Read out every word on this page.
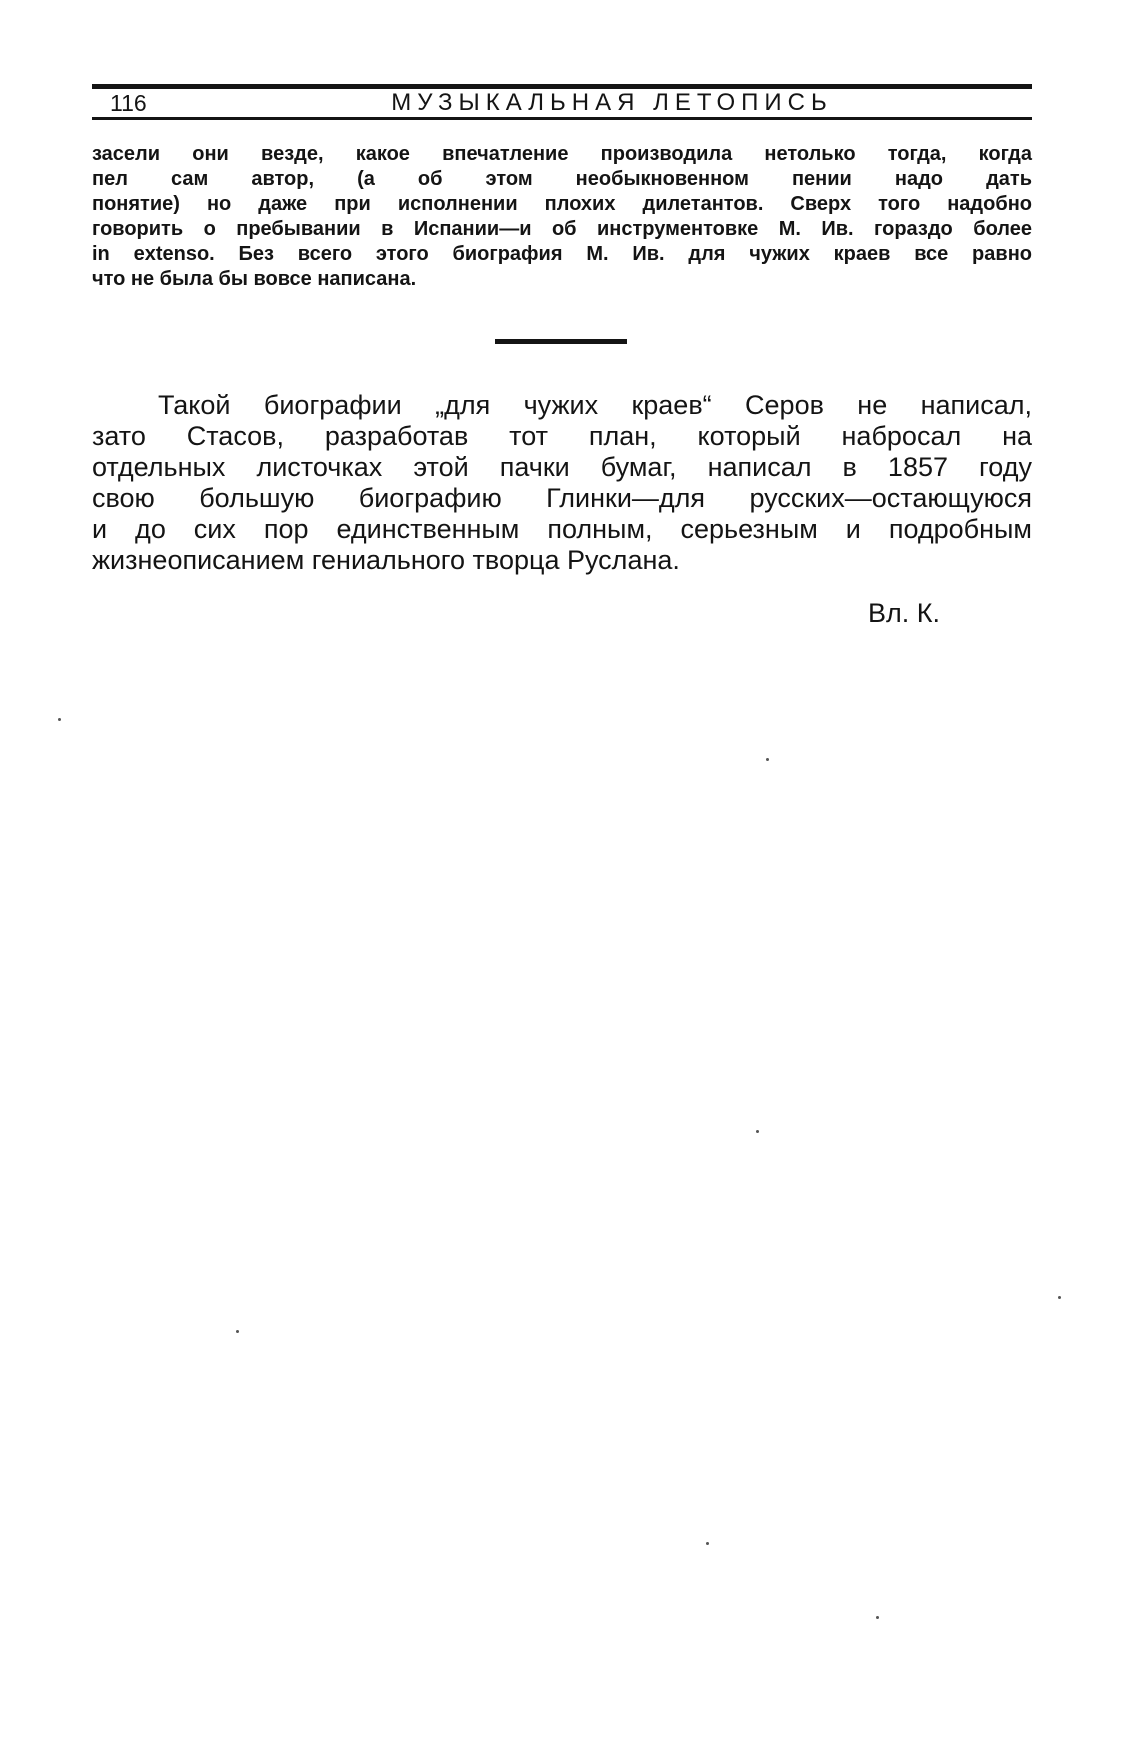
116	МУЗЫКАЛЬНАЯ ЛЕТОПИСЬ

засели они везде, какое впечатление производила нетолько тогда, когда
пел сам автор, (а об этом необыкновенном пении надо дать
понятие) но даже при исполнении плохих дилетантов. Сверх того надобно
говорить о пребывании в Испании—и об инструментовке М. Ив. гораздо более
in extenso. Без всего этого биография М. Ив. для чужих краев все равно
что не была бы вовсе написана.

Такой биографии „для чужих краев“ Серов не написал,
зато Стасов, разработав тот план, который набросал на
отдельных листочках этой пачки бумаг, написал в 1857 году
свою большую биографию Глинки—для русских—остающуюся
и до сих пор единственным полным, серьезным и подробным
жизнеописанием гениального творца Руслана.

Вл. К.
